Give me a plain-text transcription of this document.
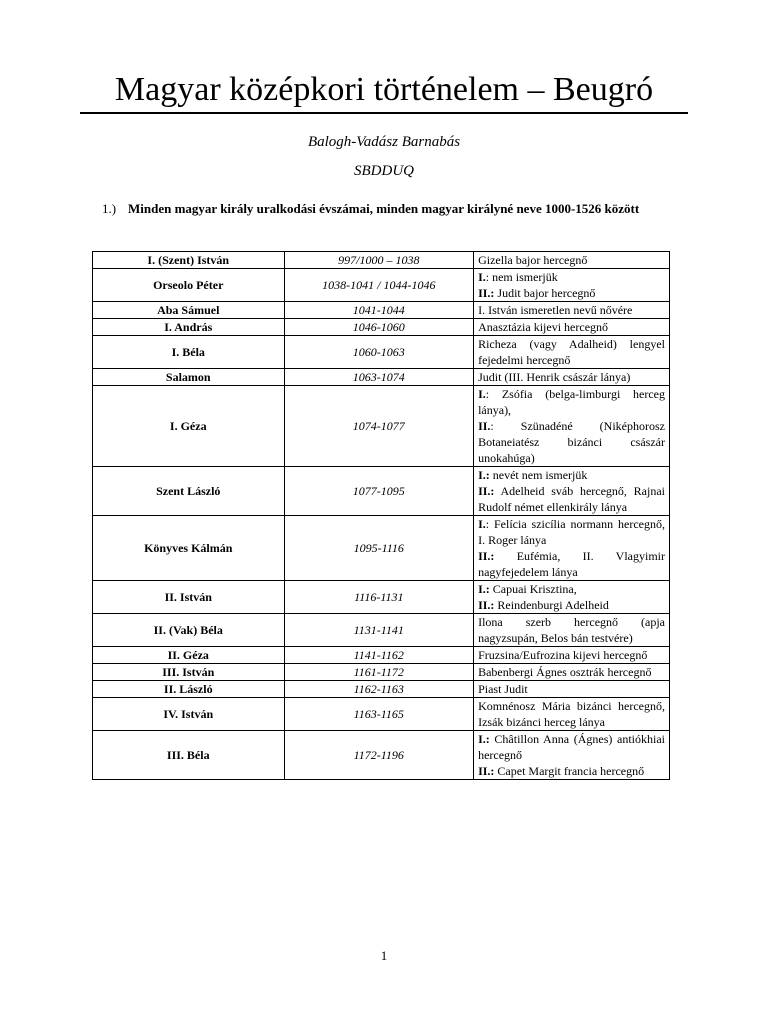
Magyar középkori történelem – Beugró
Balogh-Vadász Barnabás
SBDDUQ
1.) Minden magyar király uralkodási évszámai, minden magyar királyné neve 1000-1526 között
I. (Szent) István	997/1000 – 1038	Gizella bajor hercegnő

Orseolo Péter	1038-1041 / 1044-1046	I.: nem ismerjük
II.: Judit bajor hercegnő

Aba Sámuel	1041-1044	I. István ismeretlen nevű nővére

I. András	1046-1060	Anasztázia kijevi hercegnő

I. Béla	1060-1063	Richeza (vagy Adalheid) lengyel fejedelmi hercegnő

Salamon	1063-1074	Judit (III. Henrik császár lánya)

I. Géza	1074-1077	I.: Zsófia (belga-limburgi herceg lánya),
II.: Szünadéné (Niképhorosz Botaneiatész bizánci császár unokahúga)

Szent László	1077-1095	I.: nevét nem ismerjük
II.: Adelheid sváb hercegnő, Rajnai Rudolf német ellenkirály lánya

Könyves Kálmán	1095-1116	I.: Felícia szicília normann hercegnő, I. Roger lánya
II.: Eufémia, II. Vlagyimir nagyfejedelem lánya

II. István	1116-1131	I.: Capuai Krisztina,
II.: Reindenburgi Adelheid

II. (Vak) Béla	1131-1141	Ilona szerb hercegnő (apja nagyzsupán, Belos bán testvére)

II. Géza	1141-1162	Fruzsina/Eufrozina kijevi hercegnő

III. István	1161-1172	Babenbergi Ágnes osztrák hercegnő

II. László	1162-1163	Piast Judit

IV. István	1163-1165	Komnénosz Mária bizánci hercegnő, Izsák bizánci herceg lánya

III. Béla	1172-1196	I.: Châtillon Anna (Ágnes) antiókhiai hercegnő
II.: Capet Margit francia hercegnő
1
